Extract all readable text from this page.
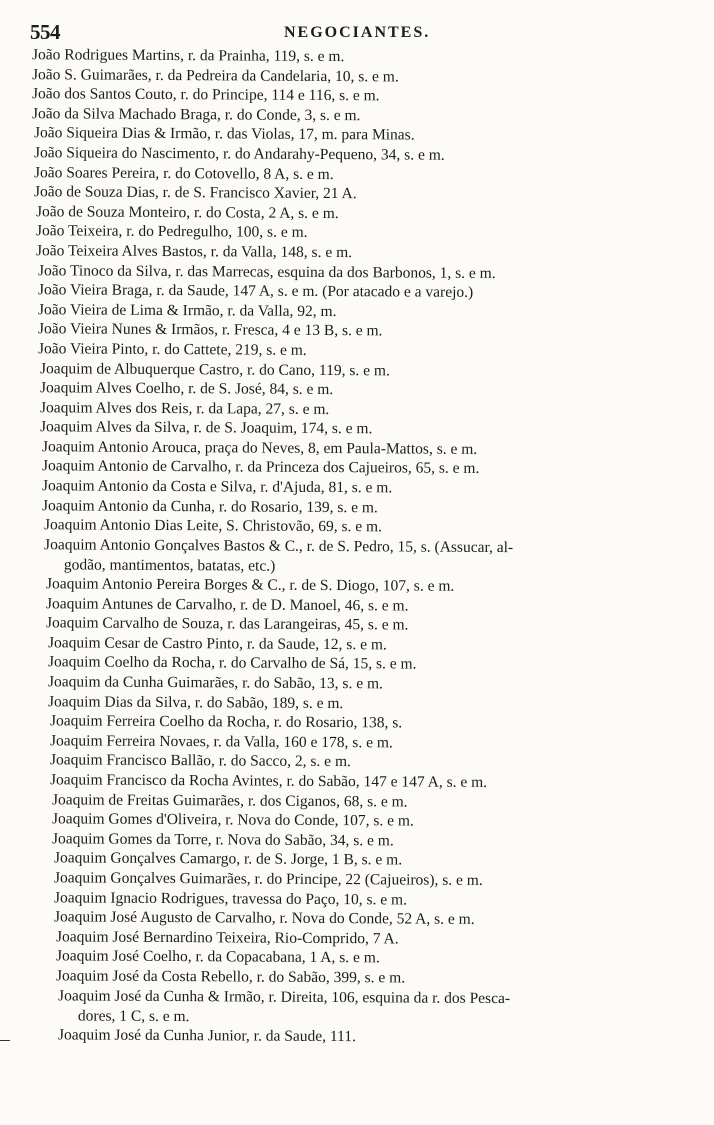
554	NEGOCIANTES.
João Rodrigues Martins, r. da Prainha, 119, s. e m.
João S. Guimarães, r. da Pedreira da Candelaria, 10, s. e m.
João dos Santos Couto, r. do Principe, 114 e 116, s. e m.
João da Silva Machado Braga, r. do Conde, 3, s. e m.
João Siqueira Dias & Irmão, r. das Violas, 17, m. para Minas.
João Siqueira do Nascimento, r. do Andarahy-Pequeno, 34, s. e m.
João Soares Pereira, r. do Cotovello, 8 A, s. e m.
João de Souza Dias, r. de S. Francisco Xavier, 21 A.
João de Souza Monteiro, r. do Costa, 2 A, s. e m.
João Teixeira, r. do Pedregulho, 100, s. e m.
João Teixeira Alves Bastos, r. da Valla, 148, s. e m.
João Tinoco da Silva, r. das Marrecas, esquina da dos Barbonos, 1, s. e m.
João Vieira Braga, r. da Saude, 147 A, s. e m. (Por atacado e a varejo.)
João Vieira de Lima & Irmão, r. da Valla, 92, m.
João Vieira Nunes & Irmãos, r. Fresca, 4 e 13 B, s. e m.
João Vieira Pinto, r. do Cattete, 219, s. e m.
Joaquim de Albuquerque Castro, r. do Cano, 119, s. e m.
Joaquim Alves Coelho, r. de S. José, 84, s. e m.
Joaquim Alves dos Reis, r. da Lapa, 27, s. e m.
Joaquim Alves da Silva, r. de S. Joaquim, 174, s. e m.
Joaquim Antonio Arouca, praça do Neves, 8, em Paula-Mattos, s. e m.
Joaquim Antonio de Carvalho, r. da Princeza dos Cajueiros, 65, s. e m.
Joaquim Antonio da Costa e Silva, r. d'Ajuda, 81, s. e m.
Joaquim Antonio da Cunha, r. do Rosario, 139, s. e m.
Joaquim Antonio Dias Leite, S. Christovão, 69, s. e m.
Joaquim Antonio Gonçalves Bastos & C., r. de S. Pedro, 15, s. (Assucar, al-
godão, mantimentos, batatas, etc.)
Joaquim Antonio Pereira Borges & C., r. de S. Diogo, 107, s. e m.
Joaquim Antunes de Carvalho, r. de D. Manoel, 46, s. e m.
Joaquim Carvalho de Souza, r. das Larangeiras, 45, s. e m.
Joaquim Cesar de Castro Pinto, r. da Saude, 12, s. e m.
Joaquim Coelho da Rocha, r. do Carvalho de Sá, 15, s. e m.
Joaquim da Cunha Guimarães, r. do Sabão, 13, s. e m.
Joaquim Dias da Silva, r. do Sabão, 189, s. e m.
Joaquim Ferreira Coelho da Rocha, r. do Rosario, 138, s.
Joaquim Ferreira Novaes, r. da Valla, 160 e 178, s. e m.
Joaquim Francisco Ballão, r. do Sacco, 2, s. e m.
Joaquim Francisco da Rocha Avintes, r. do Sabão, 147 e 147 A, s. e m.
Joaquim de Freitas Guimarães, r. dos Ciganos, 68, s. e m.
Joaquim Gomes d'Oliveira, r. Nova do Conde, 107, s. e m.
Joaquim Gomes da Torre, r. Nova do Sabão, 34, s. e m.
Joaquim Gonçalves Camargo, r. de S. Jorge, 1 B, s. e m.
Joaquim Gonçalves Guimarães, r. do Principe, 22 (Cajueiros), s. e m.
Joaquim Ignacio Rodrigues, travessa do Paço, 10, s. e m.
Joaquim José Augusto de Carvalho, r. Nova do Conde, 52 A, s. e m.
Joaquim José Bernardino Teixeira, Rio-Comprido, 7 A.
Joaquim José Coelho, r. da Copacabana, 1 A, s. e m.
Joaquim José da Costa Rebello, r. do Sabão, 399, s. e m.
Joaquim José da Cunha & Irmão, r. Direita, 106, esquina da r. dos Pesca-
dores, 1 C, s. e m.
Joaquim José da Cunha Junior, r. da Saude, 111.
